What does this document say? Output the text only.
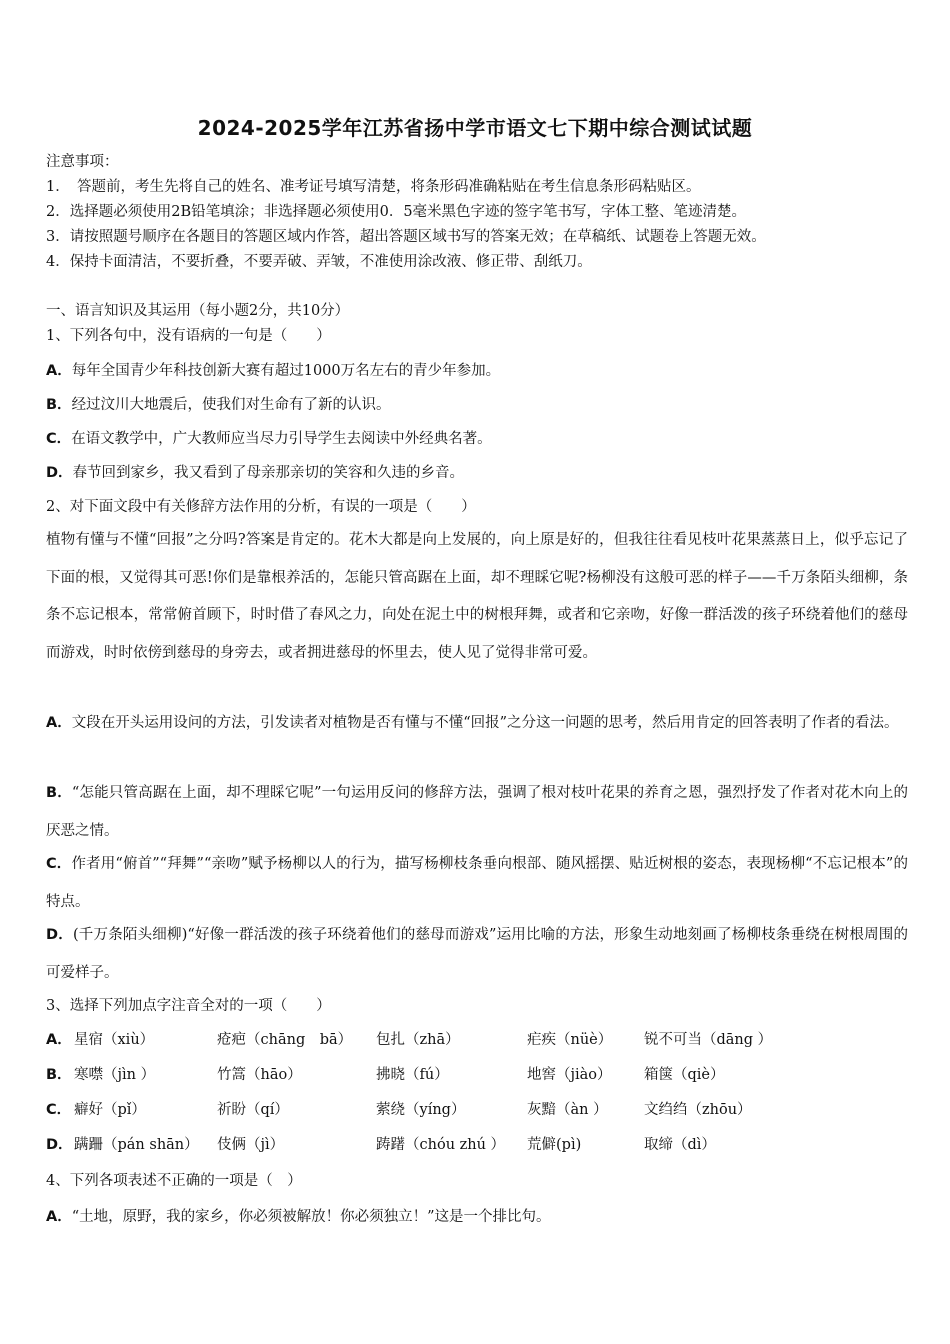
2024-2025学年江苏省扬中学市语文七下期中综合测试试题
注意事项：
1．　答题前，考生先将自己的姓名、准考证号填写清楚，将条形码准确粘贴在考生信息条形码粘贴区。
2．选择题必须使用2B铅笔填涂；非选择题必须使用0．5毫米黑色字迹的签字笔书写，字体工整、笔迹清楚。
3．请按照题号顺序在各题目的答题区域内作答，超出答题区域书写的答案无效；在草稿纸、试题卷上答题无效。
4．保持卡面清洁，不要折叠，不要弄破、弄皱，不准使用涂改液、修正带、刮纸刀。
一、语言知识及其运用（每小题2分，共10分）
1、下列各句中，没有语病的一句是（　　）
A．每年全国青少年科技创新大赛有超过1000万名左右的青少年参加。
B．经过汶川大地震后，使我们对生命有了新的认识。
C．在语文教学中，广大教师应当尽力引导学生去阅读中外经典名著。
D．春节回到家乡，我又看到了母亲那亲切的笑容和久违的乡音。
2、对下面文段中有关修辞方法作用的分析，有误的一项是（　　）
植物有懂与不懂“回报”之分吗?答案是肯定的。花木大都是向上发展的，向上原是好的，但我往往看见枝叶花果蒸蒸日上，似乎忘记了下面的根，又觉得其可恶!你们是靠根养活的，怎能只管高踞在上面，却不理睬它呢?杨柳没有这般可恶的样子——千万条陌头细柳，条条不忘记根本，常常俯首顾下，时时借了春风之力，向处在泥土中的树根拜舞，或者和它亲吻，好像一群活泼的孩子环绕着他们的慈母而游戏，时时依傍到慈母的身旁去，或者拥进慈母的怀里去，使人见了觉得非常可爱。
A．文段在开头运用设问的方法，引发读者对植物是否有懂与不懂“回报”之分这一问题的思考，然后用肯定的回答表明了作者的看法。
B．“怎能只管高踞在上面，却不理睬它呢”一句运用反问的修辞方法，强调了根对枝叶花果的养育之恩，强烈抒发了作者对花木向上的厌恶之情。
C．作者用“俯首”“拜舞”“亲吻”赋予杨柳以人的行为，描写杨柳枝条垂向根部、随风摇摆、贴近树根的姿态，表现杨柳“不忘记根本”的特点。
D．(千万条陌头细柳)“好像一群活泼的孩子环绕着他们的慈母而游戏”运用比喻的方法，形象生动地刻画了杨柳枝条垂绕在树根周围的可爱样子。
3、选择下列加点字注音全对的一项（　　）
A． 星宿（xiù）	疮疤（chāng　bā） 包扎（zhā）	疟疾（nüè） 锐不可当（dāng ）
B． 寒噤（jìn ）	竹篙（hāo）	拂晓（fú）	地窖（jiào） 箱箧（qiè）
C． 癖好（pǐ）	祈盼（qí）	萦绕（yíng）	灰黯（àn ）	文绉绉（zhōu）
D． 蹒跚（pán shān） 伎俩（jì）	踌躇（chóu zhú ） 荒僻(pì)	取缔（dì）
4、下列各项表述不正确的一项是（　）
A．“土地，原野，我的家乡，你必须被解放！你必须独立！”这是一个排比句。
